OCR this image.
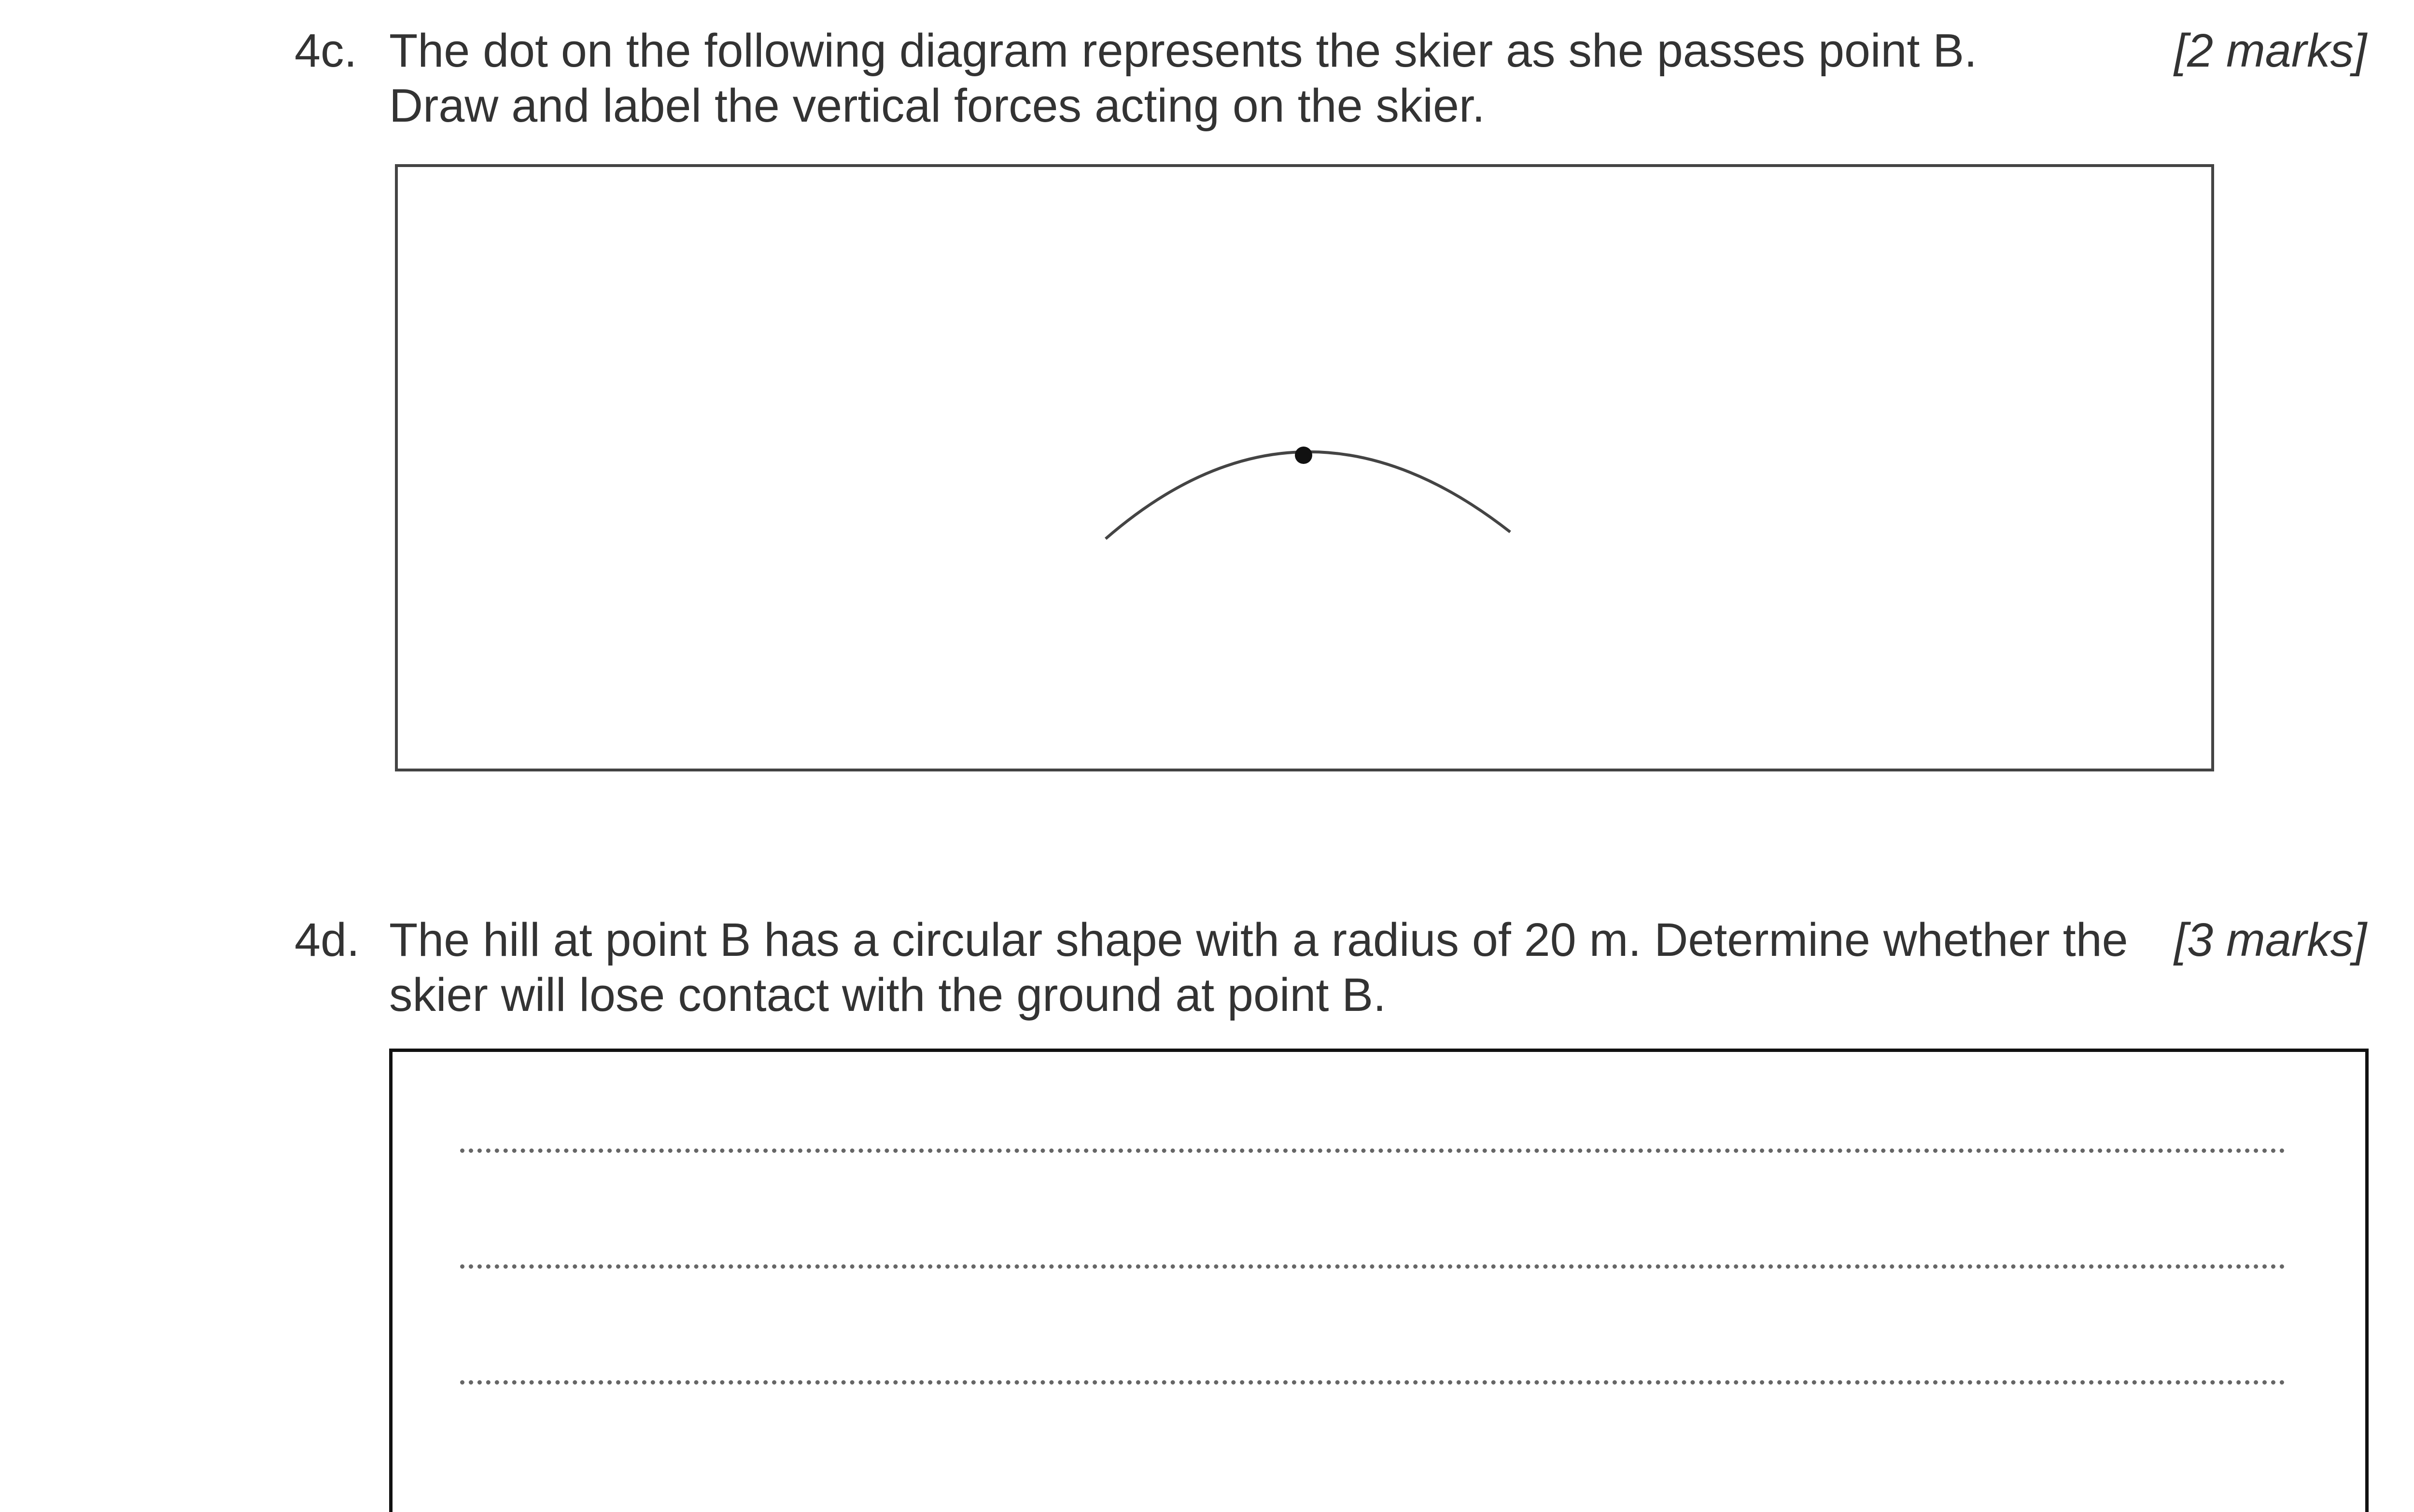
4c. The dot on the following diagram represents the skier as she passes point B.
Draw and label the vertical forces acting on the skier.
[2 marks]
4d. The hill at point B has a circular shape with a radius of 20 m. Determine whether the
skier will lose contact with the ground at point B.
[3 marks]
